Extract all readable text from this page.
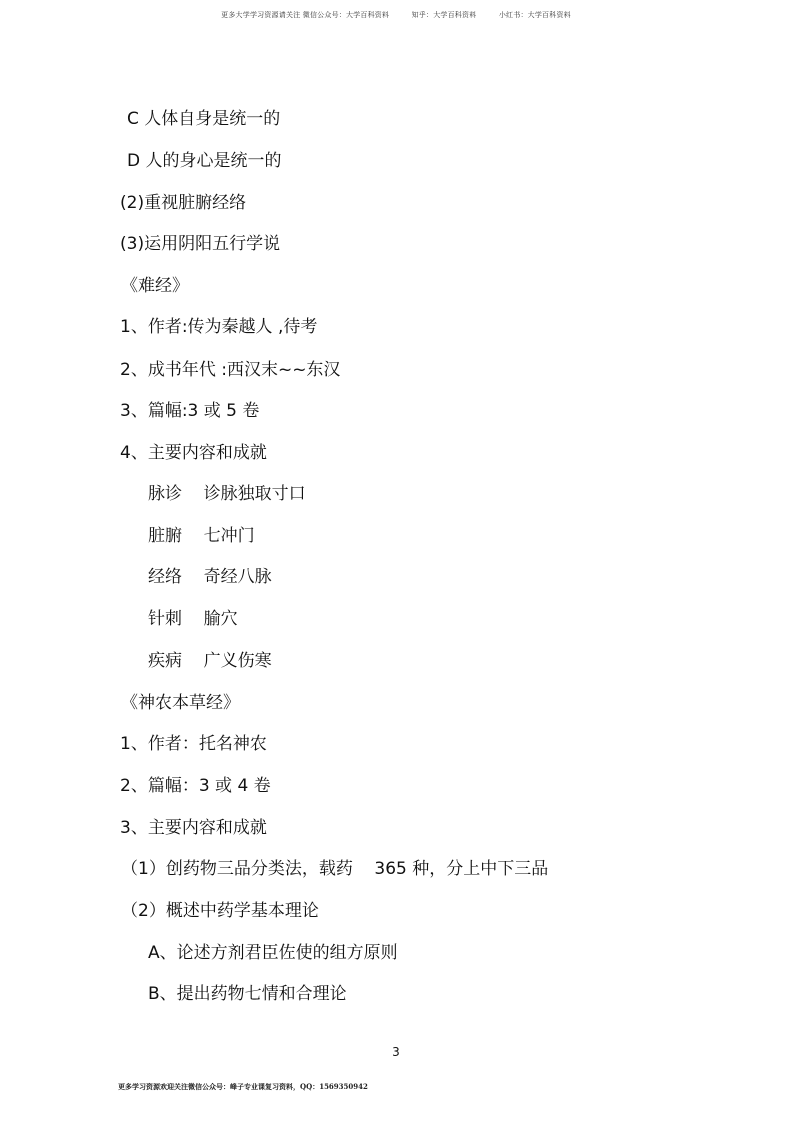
更多大学学习资源请关注 微信公众号：大学百科资料	知乎：大学百科资料	小红书：大学百科资料
C 人体自身是统一的
D 人的身心是统一的
(2)重视脏腑经络
(3)运用阴阳五行学说
《难经》
1、作者:传为秦越人 ,待考
2、成书年代 :西汉末~~东汉
3、篇幅:3 或 5 卷
4、主要内容和成就
脉诊    诊脉独取寸口
脏腑    七冲门
经络    奇经八脉
针刺    腧穴
疾病    广义伤寒
《神农本草经》
1、作者：托名神农
2、篇幅：3 或 4 卷
3、主要内容和成就
（1）创药物三品分类法，载药    365 种，分上中下三品
（2）概述中药学基本理论
A、论述方剂君臣佐使的组方原则
B、提出药物七情和合理论
3
更多学习资源欢迎关注微信公众号：峰子专业课复习资料，QQ：1569350942
